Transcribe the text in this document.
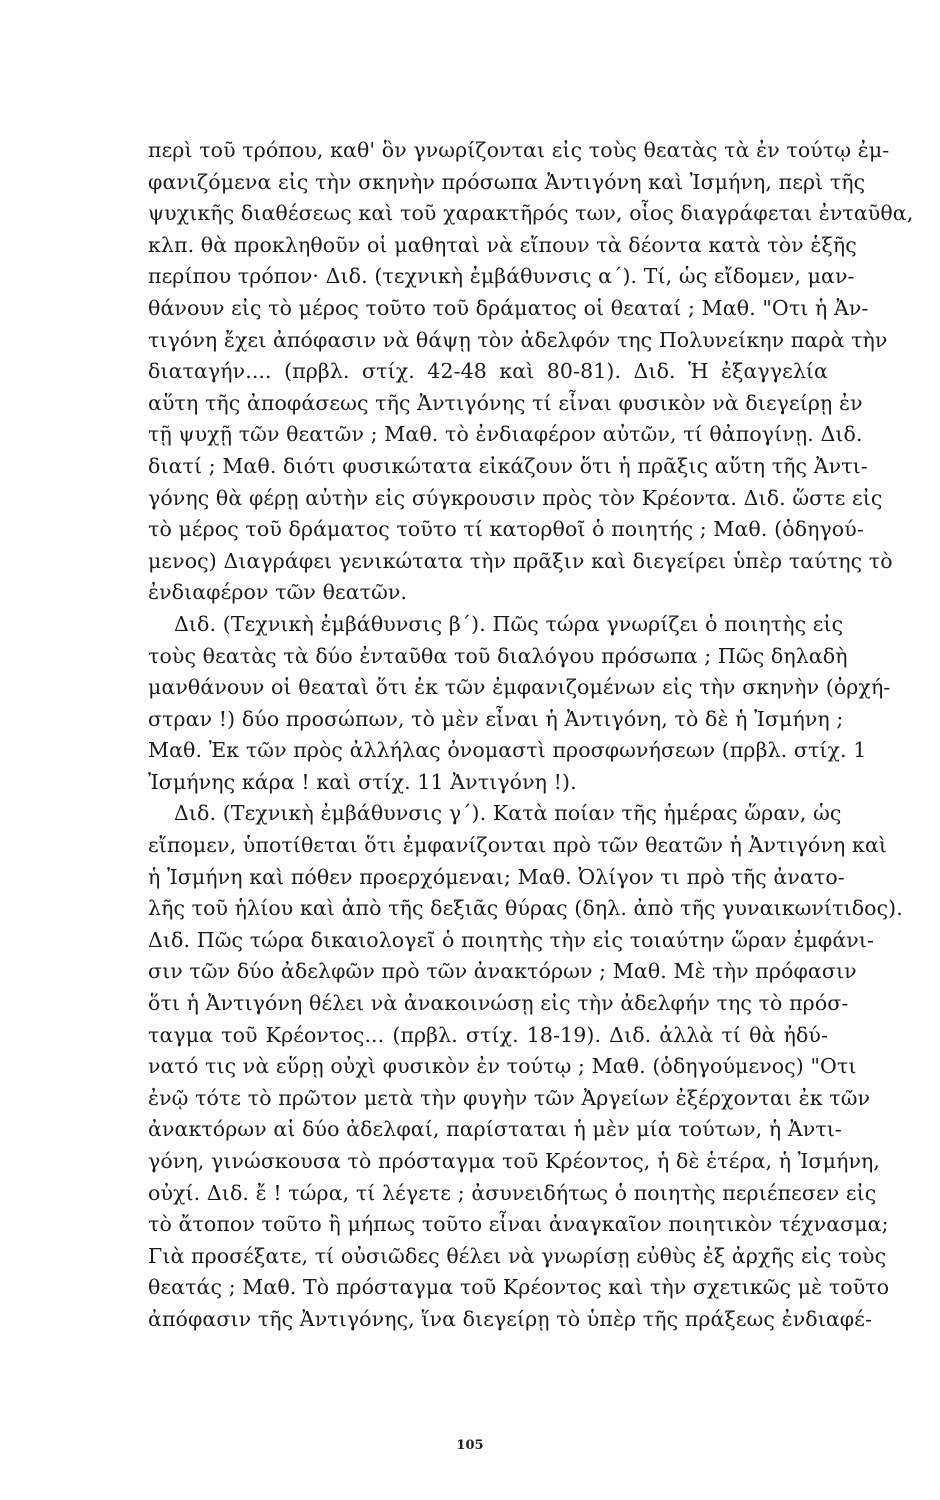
περὶ τοῦ τρόπου, καθ' ὃν γνωρίζονται εἰς τοὺς θεατὰς τὰ ἐν τούτῳ ἐμ-
φανιζόμενα εἰς τὴν σκηνὴν πρόσωπα Ἀντιγόνη καὶ Ἰσμήνη, περὶ τῆς
ψυχικῆς διαθέσεως καὶ τοῦ χαρακτῆρός των, οἷος διαγράφεται ἐνταῦθα,
κλπ. θὰ προκληθοῦν οἱ μαθηταὶ νὰ εἴπουν τὰ δέοντα κατὰ τὸν ἑξῆς
περίπου τρόπον· Διδ. (τεχνικὴ ἐμβάθυνσις α΄). Τί, ὡς εἴδομεν, μαν-
θάνουν εἰς τὸ μέρος τοῦτο τοῦ δράματος οἱ θεαταί ; Μαθ. "Οτι ἡ Ἀν-
τιγόνη ἔχει ἀπόφασιν νὰ θάψῃ τὸν ἀδελφόν της Πολυνείκην παρὰ τὴν
διαταγήν.... (πρβλ. στίχ. 42-48 καὶ 80-81). Διδ. Ἡ ἐξαγγελία
αὕτη τῆς ἀποφάσεως τῆς Ἀντιγόνης τί εἶναι φυσικὸν νὰ διεγείρῃ ἐν
τῇ ψυχῇ τῶν θεατῶν ; Μαθ. τὸ ἐνδιαφέρον αὐτῶν, τί θἀπογίνῃ. Διδ.
διατί ; Μαθ. διότι φυσικώτατα εἰκάζουν ὅτι ἡ πρᾶξις αὕτη τῆς Ἀντι-
γόνης θὰ φέρῃ αὐτὴν εἰς σύγκρουσιν πρὸς τὸν Κρέοντα. Διδ. ὥστε εἰς
τὸ μέρος τοῦ δράματος τοῦτο τί κατορθοῖ ὁ ποιητής ; Μαθ. (ὁδηγού-
μενος) Διαγράφει γενικώτατα τὴν πρᾶξιν καὶ διεγείρει ὑπὲρ ταύτης τὸ
ἐνδιαφέρον τῶν θεατῶν.
Διδ. (Τεχνικὴ ἐμβάθυνσις β΄). Πῶς τώρα γνωρίζει ὁ ποιητὴς εἰς
τοὺς θεατὰς τὰ δύο ἐνταῦθα τοῦ διαλόγου πρόσωπα ; Πῶς δηλαδὴ
μανθάνουν οἱ θεαταὶ ὅτι ἐκ τῶν ἐμφανιζομένων εἰς τὴν σκηνὴν (ὀρχή-
στραν !) δύο προσώπων, τὸ μὲν εἶναι ἡ Ἀντιγόνη, τὸ δὲ ἡ Ἰσμήνη ;
Μαθ. Ἐκ τῶν πρὸς ἀλλήλας ὀνομαστὶ προσφωνήσεων (πρβλ. στίχ. 1
Ἰσμήνης κάρα ! καὶ στίχ. 11 Ἀντιγόνη !).
Διδ. (Τεχνικὴ ἐμβάθυνσις γ΄). Κατὰ ποίαν τῆς ἡμέρας ὥραν, ὡς
εἴπομεν, ὑποτίθεται ὅτι ἐμφανίζονται πρὸ τῶν θεατῶν ἡ Ἀντιγόνη καὶ
ἡ Ἰσμήνη καὶ πόθεν προερχόμεναι; Μαθ. Ὀλίγον τι πρὸ τῆς ἀνατο-
λῆς τοῦ ἡλίου καὶ ἀπὸ τῆς δεξιᾶς θύρας (δηλ. ἀπὸ τῆς γυναικωνίτιδος).
Διδ. Πῶς τώρα δικαιολογεῖ ὁ ποιητὴς τὴν εἰς τοιαύτην ὥραν ἐμφάνι-
σιν τῶν δύο ἀδελφῶν πρὸ τῶν ἀνακτόρων ; Μαθ. Μὲ τὴν πρόφασιν
ὅτι ἡ Ἀντιγόνη θέλει νὰ ἀνακοινώσῃ εἰς τὴν ἀδελφήν της τὸ πρόσ-
ταγμα τοῦ Κρέοντος... (πρβλ. στίχ. 18-19). Διδ. ἀλλὰ τί θὰ ἠδύ-
νατό τις νὰ εὕρῃ οὐχὶ φυσικὸν ἐν τούτῳ ; Μαθ. (ὁδηγούμενος) "Οτι
ἐνῷ τότε τὸ πρῶτον μετὰ τὴν φυγὴν τῶν Ἀργείων ἐξέρχονται ἐκ τῶν
ἀνακτόρων αἱ δύο ἀδελφαί, παρίσταται ἡ μὲν μία τούτων, ἡ Ἀντι-
γόνη, γινώσκουσα τὸ πρόσταγμα τοῦ Κρέοντος, ἡ δὲ ἑτέρα, ἡ Ἰσμήνη,
οὐχί. Διδ. ἔ ! τώρα, τί λέγετε ; ἀσυνειδήτως ὁ ποιητὴς περιέπεσεν εἰς
τὸ ἄτοπον τοῦτο ἢ μήπως τοῦτο εἶναι ἀναγκαῖον ποιητικὸν τέχνασμα;
Γιὰ προσέξατε, τί οὐσιῶδες θέλει νὰ γνωρίσῃ εὐθὺς ἐξ ἀρχῆς εἰς τοὺς
θεατάς ; Μαθ. Τὸ πρόσταγμα τοῦ Κρέοντος καὶ τὴν σχετικῶς μὲ τοῦτο
ἀπόφασιν τῆς Ἀντιγόνης, ἵνα διεγείρῃ τὸ ὑπὲρ τῆς πράξεως ἐνδιαφέ-
105
